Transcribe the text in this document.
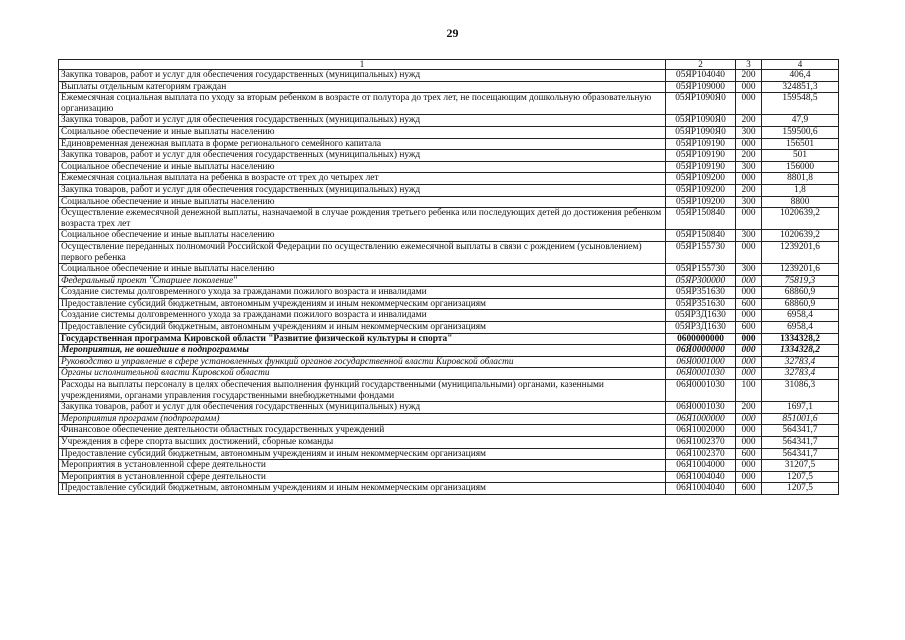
29
1	2	3	4
Закупка товаров, работ и услуг для обеспечения государственных (муниципальных) нужд	05ЯР104040	200	406,4
Выплаты отдельным категориям граждан	05ЯР109000	000	324851,3
Ежемесячная социальная выплата по уходу за вторым ребенком в возрасте от полутора до трех лет, не посещающим дошкольную образовательную организацию	05ЯР1090Я0	000	159548,5
Закупка товаров, работ и услуг для обеспечения государственных (муниципальных) нужд	05ЯР1090Я0	200	47,9
Социальное обеспечение и иные выплаты населению	05ЯР1090Я0	300	159500,6
Единовременная денежная выплата в форме регионального семейного капитала	05ЯР109190	000	156501
Закупка товаров, работ и услуг для обеспечения государственных (муниципальных) нужд	05ЯР109190	200	501
Социальное обеспечение и иные выплаты населению	05ЯР109190	300	156000
Ежемесячная социальная выплата на ребенка в возрасте от трех до четырех лет	05ЯР109200	000	8801,8
Закупка товаров, работ и услуг для обеспечения государственных (муниципальных) нужд	05ЯР109200	200	1,8
Социальное обеспечение и иные выплаты населению	05ЯР109200	300	8800
Осуществление ежемесячной денежной выплаты, назначаемой в случае рождения третьего ребенка или последующих детей до достижения ребенком возраста трех лет	05ЯР150840	000	1020639,2
Социальное обеспечение и иные выплаты населению	05ЯР150840	300	1020639,2
Осуществление переданных полномочий Российской Федерации по осуществлению ежемесячной выплаты в связи с рождением (усыновлением) первого ребенка	05ЯР155730	000	1239201,6
Социальное обеспечение и иные выплаты населению	05ЯР155730	300	1239201,6
Федеральный проект "Старшее поколение"	05ЯР300000	000	75819,3
Создание системы долговременного ухода за гражданами пожилого возраста и инвалидами	05ЯР351630	000	68860,9
Предоставление субсидий бюджетным, автономным учреждениям и иным некоммерческим организациям	05ЯР351630	600	68860,9
Создание системы долговременного ухода за гражданами пожилого возраста и инвалидами	05ЯР3Д1630	000	6958,4
Предоставление субсидий бюджетным, автономным учреждениям и иным некоммерческим организациям	05ЯР3Д1630	600	6958,4
Государственная программа Кировской области "Развитие физической культуры и спорта"	0600000000	000	1334328,2
Мероприятия, не вошедшие в подпрограммы	06Я0000000	000	1334328,2
Руководство и управление в сфере установленных функций органов государственной власти Кировской области	06Я0001000	000	32783,4
Органы исполнительной власти Кировской области	06Я0001030	000	32783,4
Расходы на выплаты персоналу в целях обеспечения выполнения функций государственными (муниципальными) органами, казенными учреждениями, органами управления государственными внебюджетными фондами	06Я0001030	100	31086,3
Закупка товаров, работ и услуг для обеспечения государственных (муниципальных) нужд	06Я0001030	200	1697,1
Мероприятия программ (подпрограмм)	06Я1000000	000	851001,6
Финансовое обеспечение деятельности областных государственных учреждений	06Я1002000	000	564341,7
Учреждения в сфере спорта высших достижений, сборные команды	06Я1002370	000	564341,7
Предоставление субсидий бюджетным, автономным учреждениям и иным некоммерческим организациям	06Я1002370	600	564341,7
Мероприятия в установленной сфере деятельности	06Я1004000	000	31207,5
Мероприятия в установленной сфере деятельности	06Я1004040	000	1207,5
Предоставление субсидий бюджетным, автономным учреждениям и иным некоммерческим организациям	06Я1004040	600	1207,5
